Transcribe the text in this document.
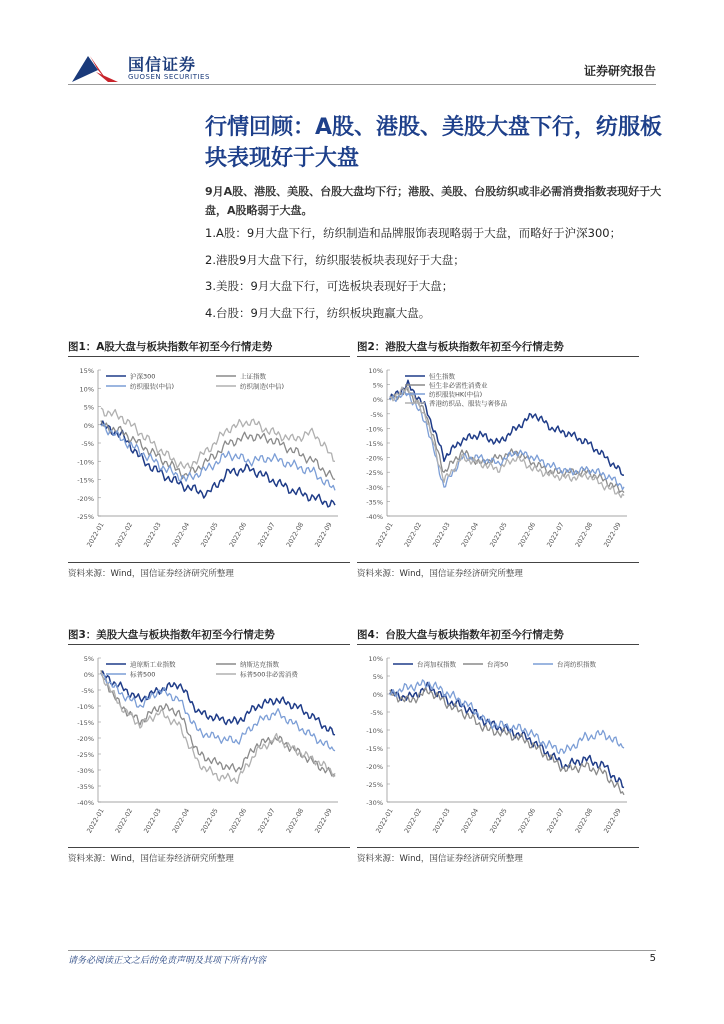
国信证券
GUOSEN SECURITIES	证券研究报告
行情回顾：A股、港股、美股大盘下行，纺服板块表现好于大盘
9月A股、港股、美股、台股大盘均下行；港股、美股、台股纺织或非必需消费指数表现好于大盘，A股略弱于大盘。
1.A股：9月大盘下行，纺织制造和品牌服饰表现略弱于大盘，而略好于沪深300；
2.港股9月大盘下行，纺织服装板块表现好于大盘；
3.美股：9月大盘下行，可选板块表现好于大盘；
4.台股：9月大盘下行，纺织板块跑赢大盘。
图1：A股大盘与板块指数年初至今行情走势
15%
10%
5%
0%
-5%
-10%
-15%
-20%
-25%
2022-01 2022-02 2022-03 2022-04 2022-05 2022-06 2022-07 2022-08 2022-09
沪深300	上证指数
纺织服装(中信)	纺织制造(中信)
资料来源：Wind，国信证券经济研究所整理
图2：港股大盘与板块指数年初至今行情走势
10%
5%
0%
-5%
-10%
-15%
-20%
-25%
-30%
-35%
-40%
2022-01 2022-02 2022-03 2022-04 2022-05 2022-06 2022-07 2022-08 2022-09
恒生指数
恒生非必需性消费业
纺织服装HK(中信)
香港纺织品、服装与奢侈品
资料来源：Wind，国信证券经济研究所整理
图3：美股大盘与板块指数年初至今行情走势
5%
0%
-5%
-10%
-15%
-20%
-25%
-30%
-35%
-40%
2022-01 2022-02 2022-03 2022-04 2022-05 2022-06 2022-07 2022-08 2022-09
道琼斯工业指数	纳斯达克指数
标普500	标普500非必需消费
资料来源：Wind，国信证券经济研究所整理
图4：台股大盘与板块指数年初至今行情走势
10%
5%
0%
-5%
-10%
-15%
-20%
-25%
-30%
2022-01 2022-02 2022-03 2022-04 2022-05 2022-06 2022-07 2022-08 2022-09
台湾加权指数	台湾50	台湾纺织指数
资料来源：Wind，国信证券经济研究所整理
请务必阅读正文之后的免责声明及其项下所有内容	5
